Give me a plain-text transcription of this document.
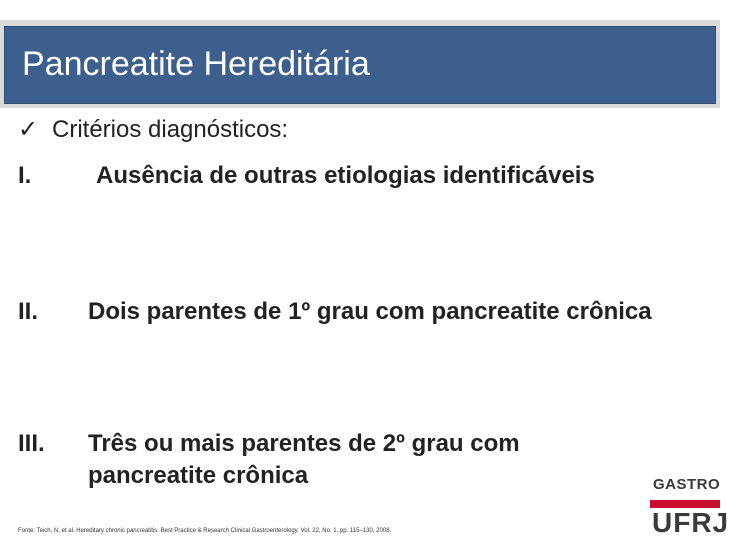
Pancreatite Hereditária
✓ Critérios diagnósticos:
I.	Ausência de outras etiologias identificáveis
II.	Dois parentes de 1º grau com pancreatite crônica
III.	Três ou mais parentes de 2º grau com pancreatite crônica
Fonte: Teich, N, et al. Hereditary chronic pancreatitis. Best Practice & Research Clinical Gastroenterology. Vol. 22, No. 1, pp. 115–130, 2008.
GASTRO
UFRJ
